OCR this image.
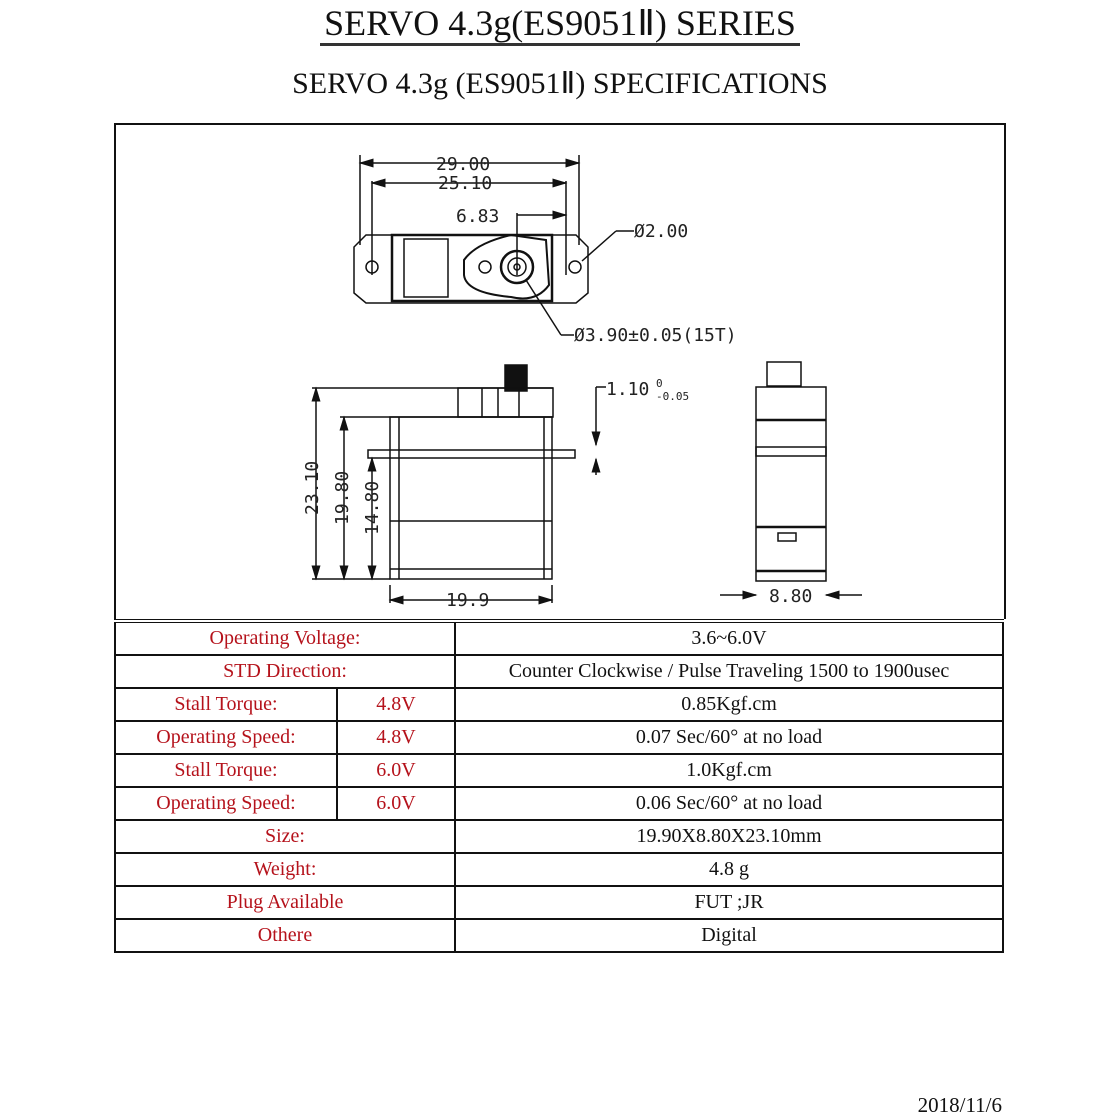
SERVO 4.3g(ES9051Ⅱ) SERIES
SERVO 4.3g (ES9051Ⅱ) SPECIFICATIONS
29.00
25.10
6.83
Ø2.00
Ø3.90±0.05(15T)
23.10 19.80 14.80
19.9
1.10 0
-0.05
8.80
Operating Voltage:		3.6~6.0V
STD Direction:		Counter Clockwise / Pulse Traveling 1500 to 1900usec
Stall Torque:	4.8V	0.85Kgf.cm
Operating Speed:	4.8V	0.07 Sec/60° at no load
Stall Torque:	6.0V	1.0Kgf.cm
Operating Speed:	6.0V	0.06 Sec/60° at no load
Size:		19.90X8.80X23.10mm
Weight:		4.8 g
Plug Available		FUT ;JR
Othere		Digital
2018/11/6
